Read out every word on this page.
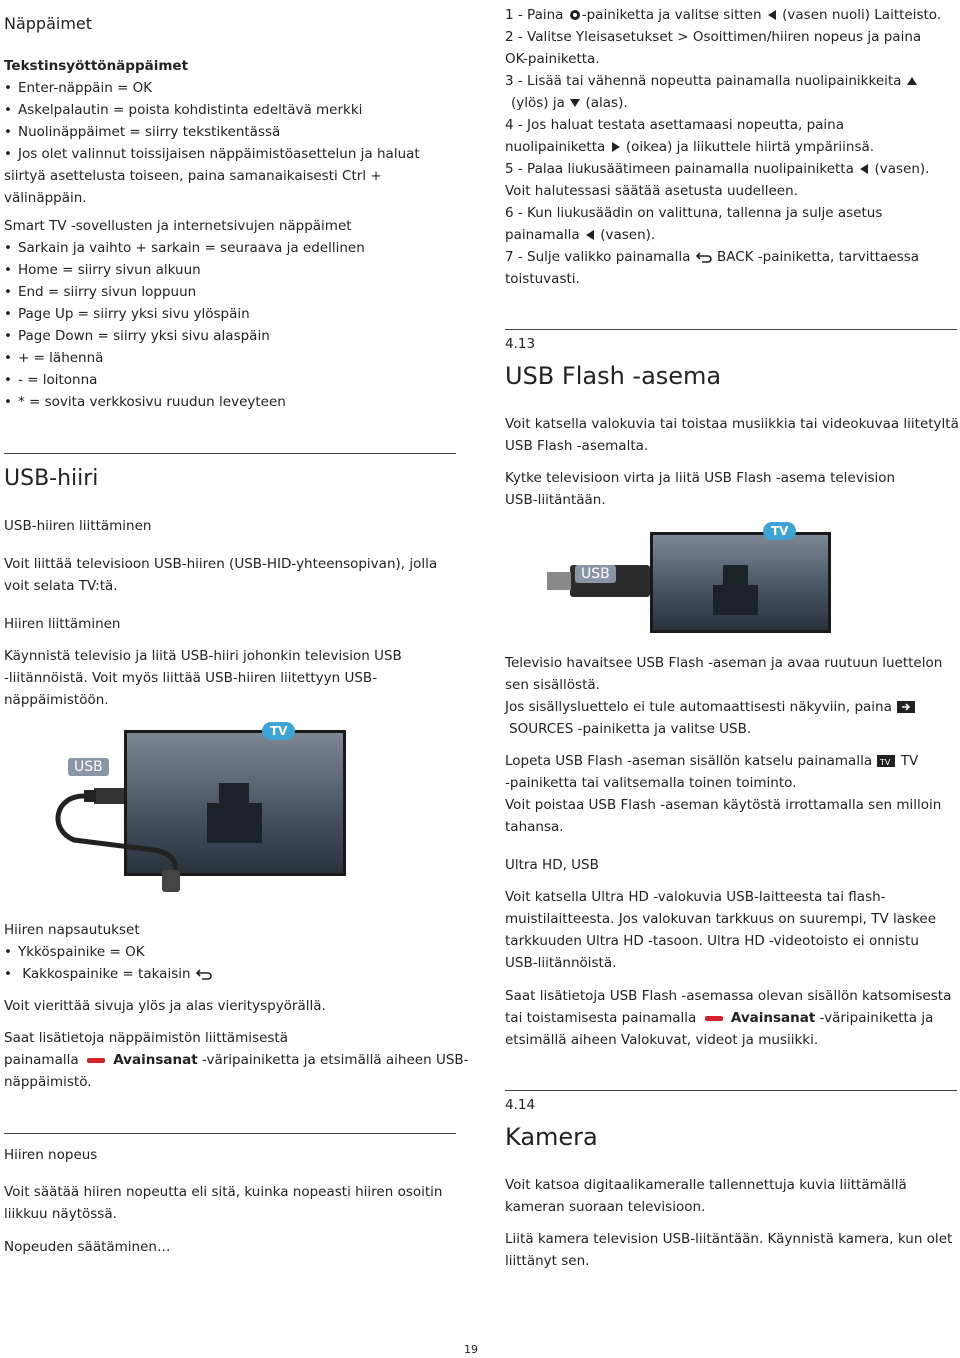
Näppäimet
Tekstinsyöttönäppäimet
• Enter-näppäin = OK
• Askelpalautin = poista kohdistinta edeltävä merkki
• Nuolinäppäimet = siirry tekstikentässä
• Jos olet valinnut toissijaisen näppäimistöasettelun ja haluat
siirtyä asettelusta toiseen, paina samanaikaisesti Ctrl +
välinäppäin.
Smart TV -sovellusten ja internetsivujen näppäimet
• Sarkain ja vaihto + sarkain = seuraava ja edellinen
• Home = siirry sivun alkuun
• End = siirry sivun loppuun
• Page Up = siirry yksi sivu ylöspäin
• Page Down = siirry yksi sivu alaspäin
• + = lähennä
• - = loitonna
• * = sovita verkkosivu ruudun leveyteen
USB-hiiri
USB-hiiren liittäminen
Voit liittää televisioon USB-hiiren (USB-HID-yhteensopivan), jolla
voit selata TV:tä.
Hiiren liittäminen
Käynnistä televisio ja liitä USB-hiiri johonkin television USB
-liitännöistä. Voit myös liittää USB-hiiren liitettyyn USB-
näppäimistöön.
TV
USB
Hiiren napsautukset
• Ykköspainike = OK
• Kakkospainike = takaisin
Voit vierittää sivuja ylös ja alas vierityspyörällä.
Saat lisätietoja näppäimistön liittämisestä
painamalla	Avainsanat -väripainiketta ja etsimällä aiheen USB-
näppäimistö.
Hiiren nopeus
Voit säätää hiiren nopeutta eli sitä, kuinka nopeasti hiiren osoitin
liikkuu näytössä.
Nopeuden säätäminen…
1 - Paina -painiketta ja valitse sitten (vasen nuoli) Laitteisto.
2 - Valitse Yleisasetukset > Osoittimen/hiiren nopeus ja paina
OK-painiketta.
3 - Lisää tai vähennä nopeutta painamalla nuolipainikkeita
(ylös) ja (alas).
4 - Jos haluat testata asettamaasi nopeutta, paina
nuolipainiketta (oikea) ja liikuttele hiirtä ympäriinsä.
5 - Palaa liukusäätimeen painamalla nuolipainiketta (vasen).
Voit halutessasi säätää asetusta uudelleen.
6 - Kun liukusäädin on valittuna, tallenna ja sulje asetus
painamalla (vasen).
7 - Sulje valikko painamalla BACK -painiketta, tarvittaessa
toistuvasti.
4.13
USB Flash -asema
Voit katsella valokuvia tai toistaa musiikkia tai videokuvaa liitetyltä
USB Flash -asemalta.
Kytke televisioon virta ja liitä USB Flash -asema television
USB-liitäntään.
TV
USB
Televisio havaitsee USB Flash -aseman ja avaa ruutuun luettelon
sen sisällöstä.
Jos sisällysluettelo ei tule automaattisesti näkyviin, paina
SOURCES -painiketta ja valitse USB.
Lopeta USB Flash -aseman sisällön katselu painamalla TV TV
-painiketta tai valitsemalla toinen toiminto.
Voit poistaa USB Flash -aseman käytöstä irrottamalla sen milloin
tahansa.
Ultra HD, USB
Voit katsella Ultra HD -valokuvia USB-laitteesta tai flash-
muistilaitteesta. Jos valokuvan tarkkuus on suurempi, TV laskee
tarkkuuden Ultra HD -tasoon. Ultra HD -videotoisto ei onnistu
USB-liitännöistä.
Saat lisätietoja USB Flash -asemassa olevan sisällön katsomisesta
tai toistamisesta painamalla	Avainsanat -väripainiketta ja
etsimällä aiheen Valokuvat, videot ja musiikki.
4.14
Kamera
Voit katsoa digitaalikameralle tallennettuja kuvia liittämällä
kameran suoraan televisioon.
Liitä kamera television USB-liitäntään. Käynnistä kamera, kun olet
liittänyt sen.
19
